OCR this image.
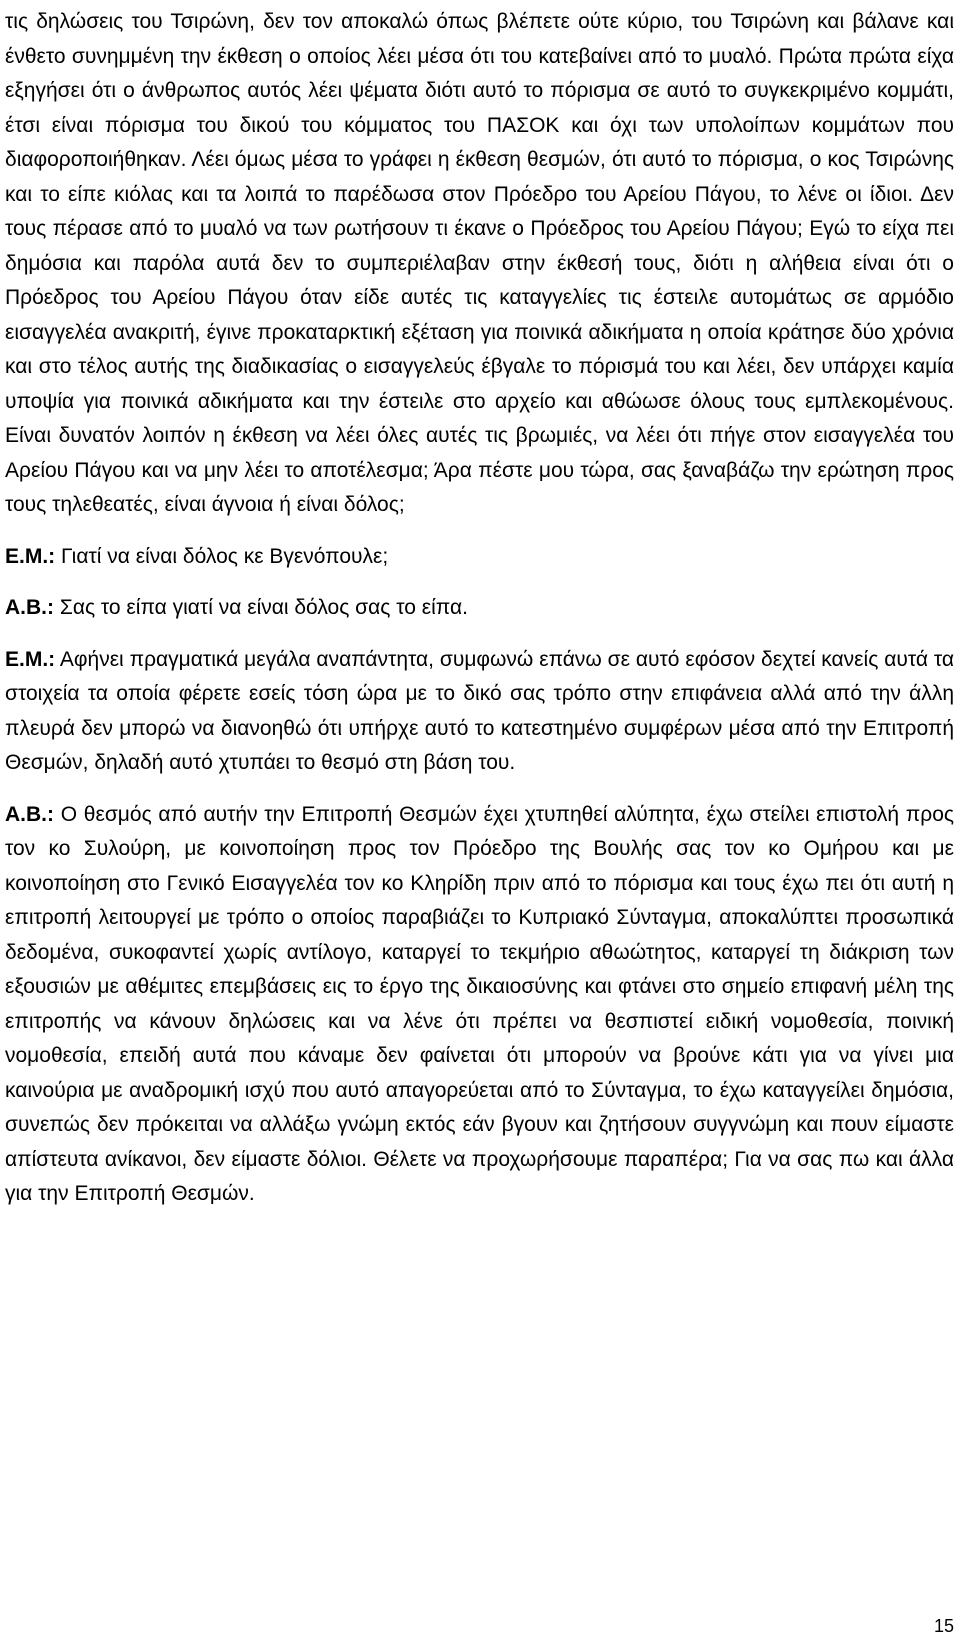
τις δηλώσεις του Τσιρώνη, δεν τον αποκαλώ όπως βλέπετε ούτε κύριο, του Τσιρώνη και βάλανε και ένθετο συνημμένη την έκθεση ο οποίος λέει μέσα ότι του κατεβαίνει από το μυαλό. Πρώτα πρώτα είχα εξηγήσει ότι ο άνθρωπος αυτός λέει ψέματα διότι αυτό το πόρισμα σε αυτό το συγκεκριμένο κομμάτι, έτσι είναι πόρισμα του δικού του κόμματος του ΠΑΣΟΚ και όχι των υπολοίπων κομμάτων που διαφοροποιήθηκαν. Λέει όμως μέσα το γράφει η έκθεση θεσμών, ότι αυτό το πόρισμα, ο κος Τσιρώνης και το είπε κιόλας και τα λοιπά το παρέδωσα στον Πρόεδρο του Αρείου Πάγου, το λένε οι ίδιοι. Δεν τους πέρασε από το μυαλό να των ρωτήσουν τι έκανε ο Πρόεδρος του Αρείου Πάγου; Εγώ το είχα πει δημόσια και παρόλα αυτά δεν το συμπεριέλαβαν στην έκθεσή τους, διότι η αλήθεια είναι ότι ο Πρόεδρος του Αρείου Πάγου όταν είδε αυτές τις καταγγελίες τις έστειλε αυτομάτως σε αρμόδιο εισαγγελέα ανακριτή, έγινε προκαταρκτική εξέταση για ποινικά αδικήματα η οποία κράτησε δύο χρόνια και στο τέλος αυτής της διαδικασίας ο εισαγγελεύς έβγαλε το πόρισμά του και λέει, δεν υπάρχει καμία υποψία για ποινικά αδικήματα και την έστειλε στο αρχείο και αθώωσε όλους τους εμπλεκομένους. Είναι δυνατόν λοιπόν η έκθεση να λέει όλες αυτές τις βρωμιές, να λέει ότι πήγε στον εισαγγελέα του Αρείου Πάγου και να μην λέει το αποτέλεσμα; Άρα πέστε μου τώρα, σας ξαναβάζω την ερώτηση προς τους τηλεθεατές, είναι άγνοια ή είναι δόλος;

Ε.Μ.: Γιατί να είναι δόλος κε Βγενόπουλε;

Α.Β.: Σας το είπα γιατί να είναι δόλος σας το είπα.

Ε.Μ.: Αφήνει πραγματικά μεγάλα αναπάντητα, συμφωνώ επάνω σε αυτό εφόσον δεχτεί κανείς αυτά τα στοιχεία τα οποία φέρετε εσείς τόση ώρα με το δικό σας τρόπο στην επιφάνεια αλλά από την άλλη πλευρά δεν μπορώ να διανοηθώ ότι υπήρχε αυτό το κατεστημένο συμφέρων μέσα από την Επιτροπή Θεσμών, δηλαδή αυτό χτυπάει το θεσμό στη βάση του.

Α.Β.: Ο θεσμός από αυτήν την Επιτροπή Θεσμών έχει χτυπηθεί αλύπητα, έχω στείλει επιστολή προς τον κο Συλούρη, με κοινοποίηση προς τον Πρόεδρο της Βουλής σας τον κο Ομήρου και με κοινοποίηση στο Γενικό Εισαγγελέα τον κο Κληρίδη πριν από το πόρισμα και τους έχω πει ότι αυτή η επιτροπή λειτουργεί με τρόπο ο οποίος παραβιάζει το Κυπριακό Σύνταγμα, αποκαλύπτει προσωπικά δεδομένα, συκοφαντεί χωρίς αντίλογο, καταργεί το τεκμήριο αθωώτητος, καταργεί τη διάκριση των εξουσιών με αθέμιτες επεμβάσεις εις το έργο της δικαιοσύνης και φτάνει στο σημείο επιφανή μέλη της επιτροπής να κάνουν δηλώσεις και να λένε ότι πρέπει να θεσπιστεί ειδική νομοθεσία, ποινική νομοθεσία, επειδή αυτά που κάναμε δεν φαίνεται ότι μπορούν να βρούνε κάτι για να γίνει μια καινούρια με αναδρομική ισχύ που αυτό απαγορεύεται από το Σύνταγμα, το έχω καταγγείλει δημόσια, συνεπώς δεν πρόκειται να αλλάξω γνώμη εκτός εάν βγουν και ζητήσουν συγγνώμη και πουν είμαστε απίστευτα ανίκανοι, δεν είμαστε δόλιοι. Θέλετε να προχωρήσουμε παραπέρα; Για να σας πω και άλλα για την Επιτροπή Θεσμών.

15
